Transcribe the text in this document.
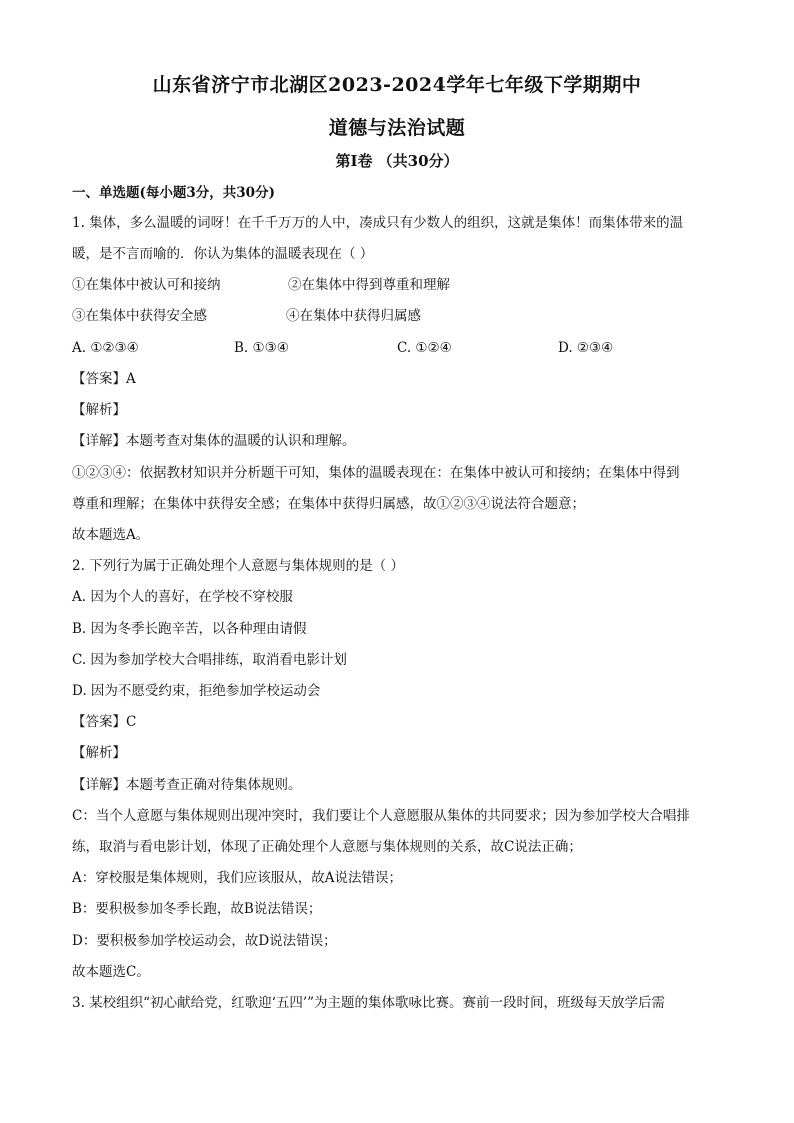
山东省济宁市北湖区2023-2024学年七年级下学期期中
道德与法治试题
第Ⅰ卷 （共30分）
一、单选题(每小题3分，共30分)
1. 集体，多么温暖的词呀！在千千万万的人中，凑成只有少数人的组织，这就是集体！而集体带来的温
暖，是不言而喻的．你认为集体的温暖表现在（ ）
①在集体中被认可和接纳	②在集体中得到尊重和理解
③在集体中获得安全感	④在集体中获得归属感
A. ①②③④	B. ①③④	C. ①②④	D. ②③④
【答案】A
【解析】
【详解】本题考查对集体的温暖的认识和理解。
①②③④：依据教材知识并分析题干可知，集体的温暖表现在：在集体中被认可和接纳；在集体中得到
尊重和理解；在集体中获得安全感；在集体中获得归属感，故①②③④说法符合题意；
故本题选A。
2. 下列行为属于正确处理个人意愿与集体规则的是（ ）
A. 因为个人的喜好，在学校不穿校服
B. 因为冬季长跑辛苦，以各种理由请假
C. 因为参加学校大合唱排练，取消看电影计划
D. 因为不愿受约束，拒绝参加学校运动会
【答案】C
【解析】
【详解】本题考查正确对待集体规则。
C：当个人意愿与集体规则出现冲突时，我们要让个人意愿服从集体的共同要求；因为参加学校大合唱排
练，取消与看电影计划，体现了正确处理个人意愿与集体规则的关系，故C说法正确；
A：穿校服是集体规则，我们应该服从，故A说法错误；
B：要积极参加冬季长跑，故B说法错误；
D：要积极参加学校运动会，故D说法错误；
故本题选C。
3. 某校组织“初心献给党，红歌迎‘五四’”为主题的集体歌咏比赛。赛前一段时间，班级每天放学后需
